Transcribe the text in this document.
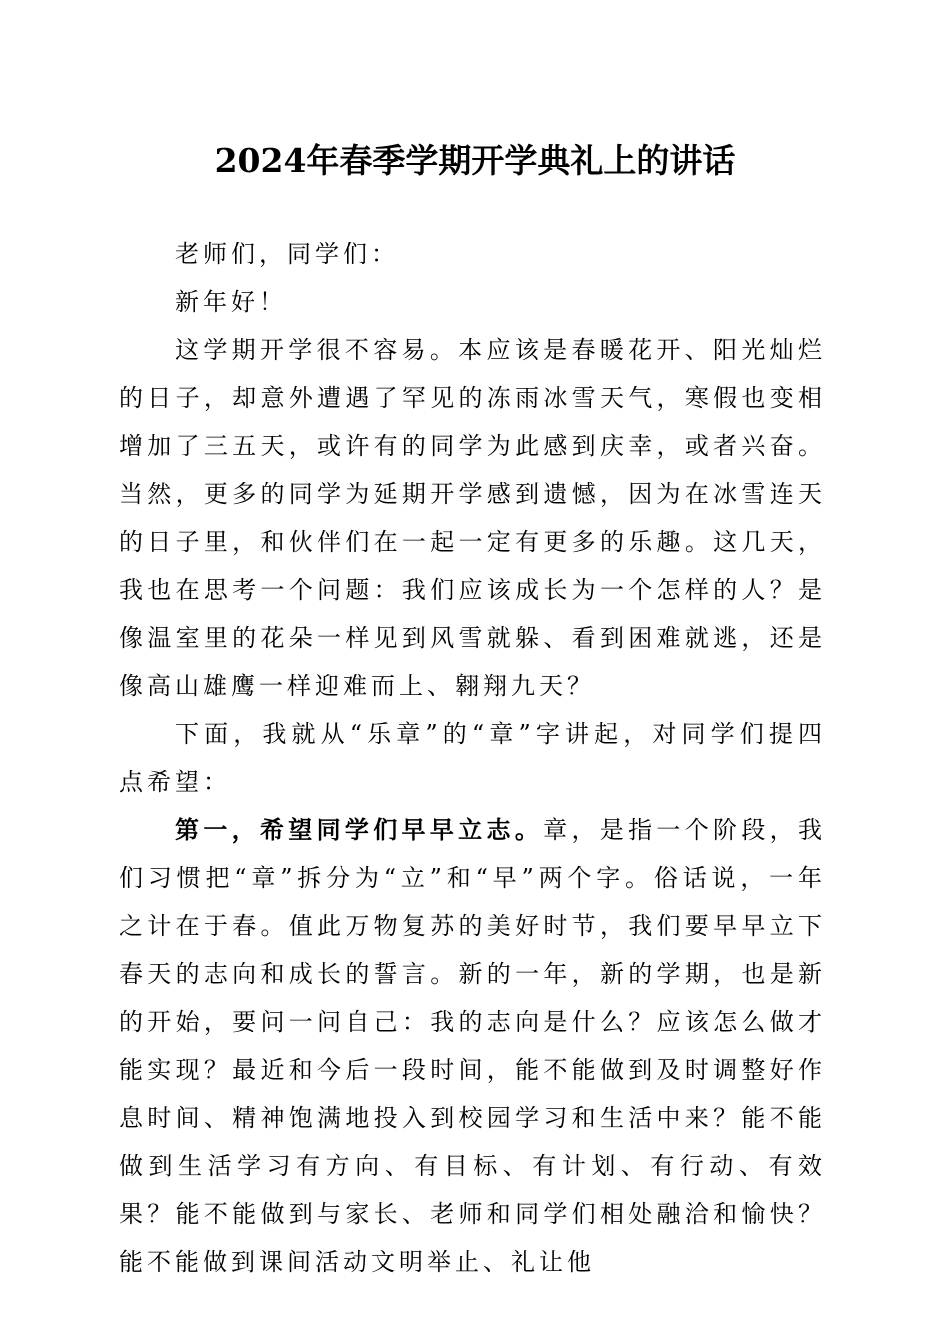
2024年春季学期开学典礼上的讲话

老师们，同学们：

新年好！

这学期开学很不容易。本应该是春暖花开、阳光灿烂的日子，却意外遭遇了罕见的冻雨冰雪天气，寒假也变相增加了三五天，或许有的同学为此感到庆幸，或者兴奋。当然，更多的同学为延期开学感到遗憾，因为在冰雪连天的日子里，和伙伴们在一起一定有更多的乐趣。这几天，我也在思考一个问题：我们应该成长为一个怎样的人？是像温室里的花朵一样见到风雪就躲、看到困难就逃，还是像高山雄鹰一样迎难而上、翱翔九天？

下面，我就从“乐章”的“章”字讲起，对同学们提四点希望：

第一，希望同学们早早立志。章，是指一个阶段，我们习惯把“章”拆分为“立”和“早”两个字。俗话说，一年之计在于春。值此万物复苏的美好时节，我们要早早立下春天的志向和成长的誓言。新的一年，新的学期，也是新的开始，要问一问自己：我的志向是什么？应该怎么做才能实现？最近和今后一段时间，能不能做到及时调整好作息时间、精神饱满地投入到校园学习和生活中来？能不能做到生活学习有方向、有目标、有计划、有行动、有效果？能不能做到与家长、老师和同学们相处融洽和愉快？能不能做到课间活动文明举止、礼让他
